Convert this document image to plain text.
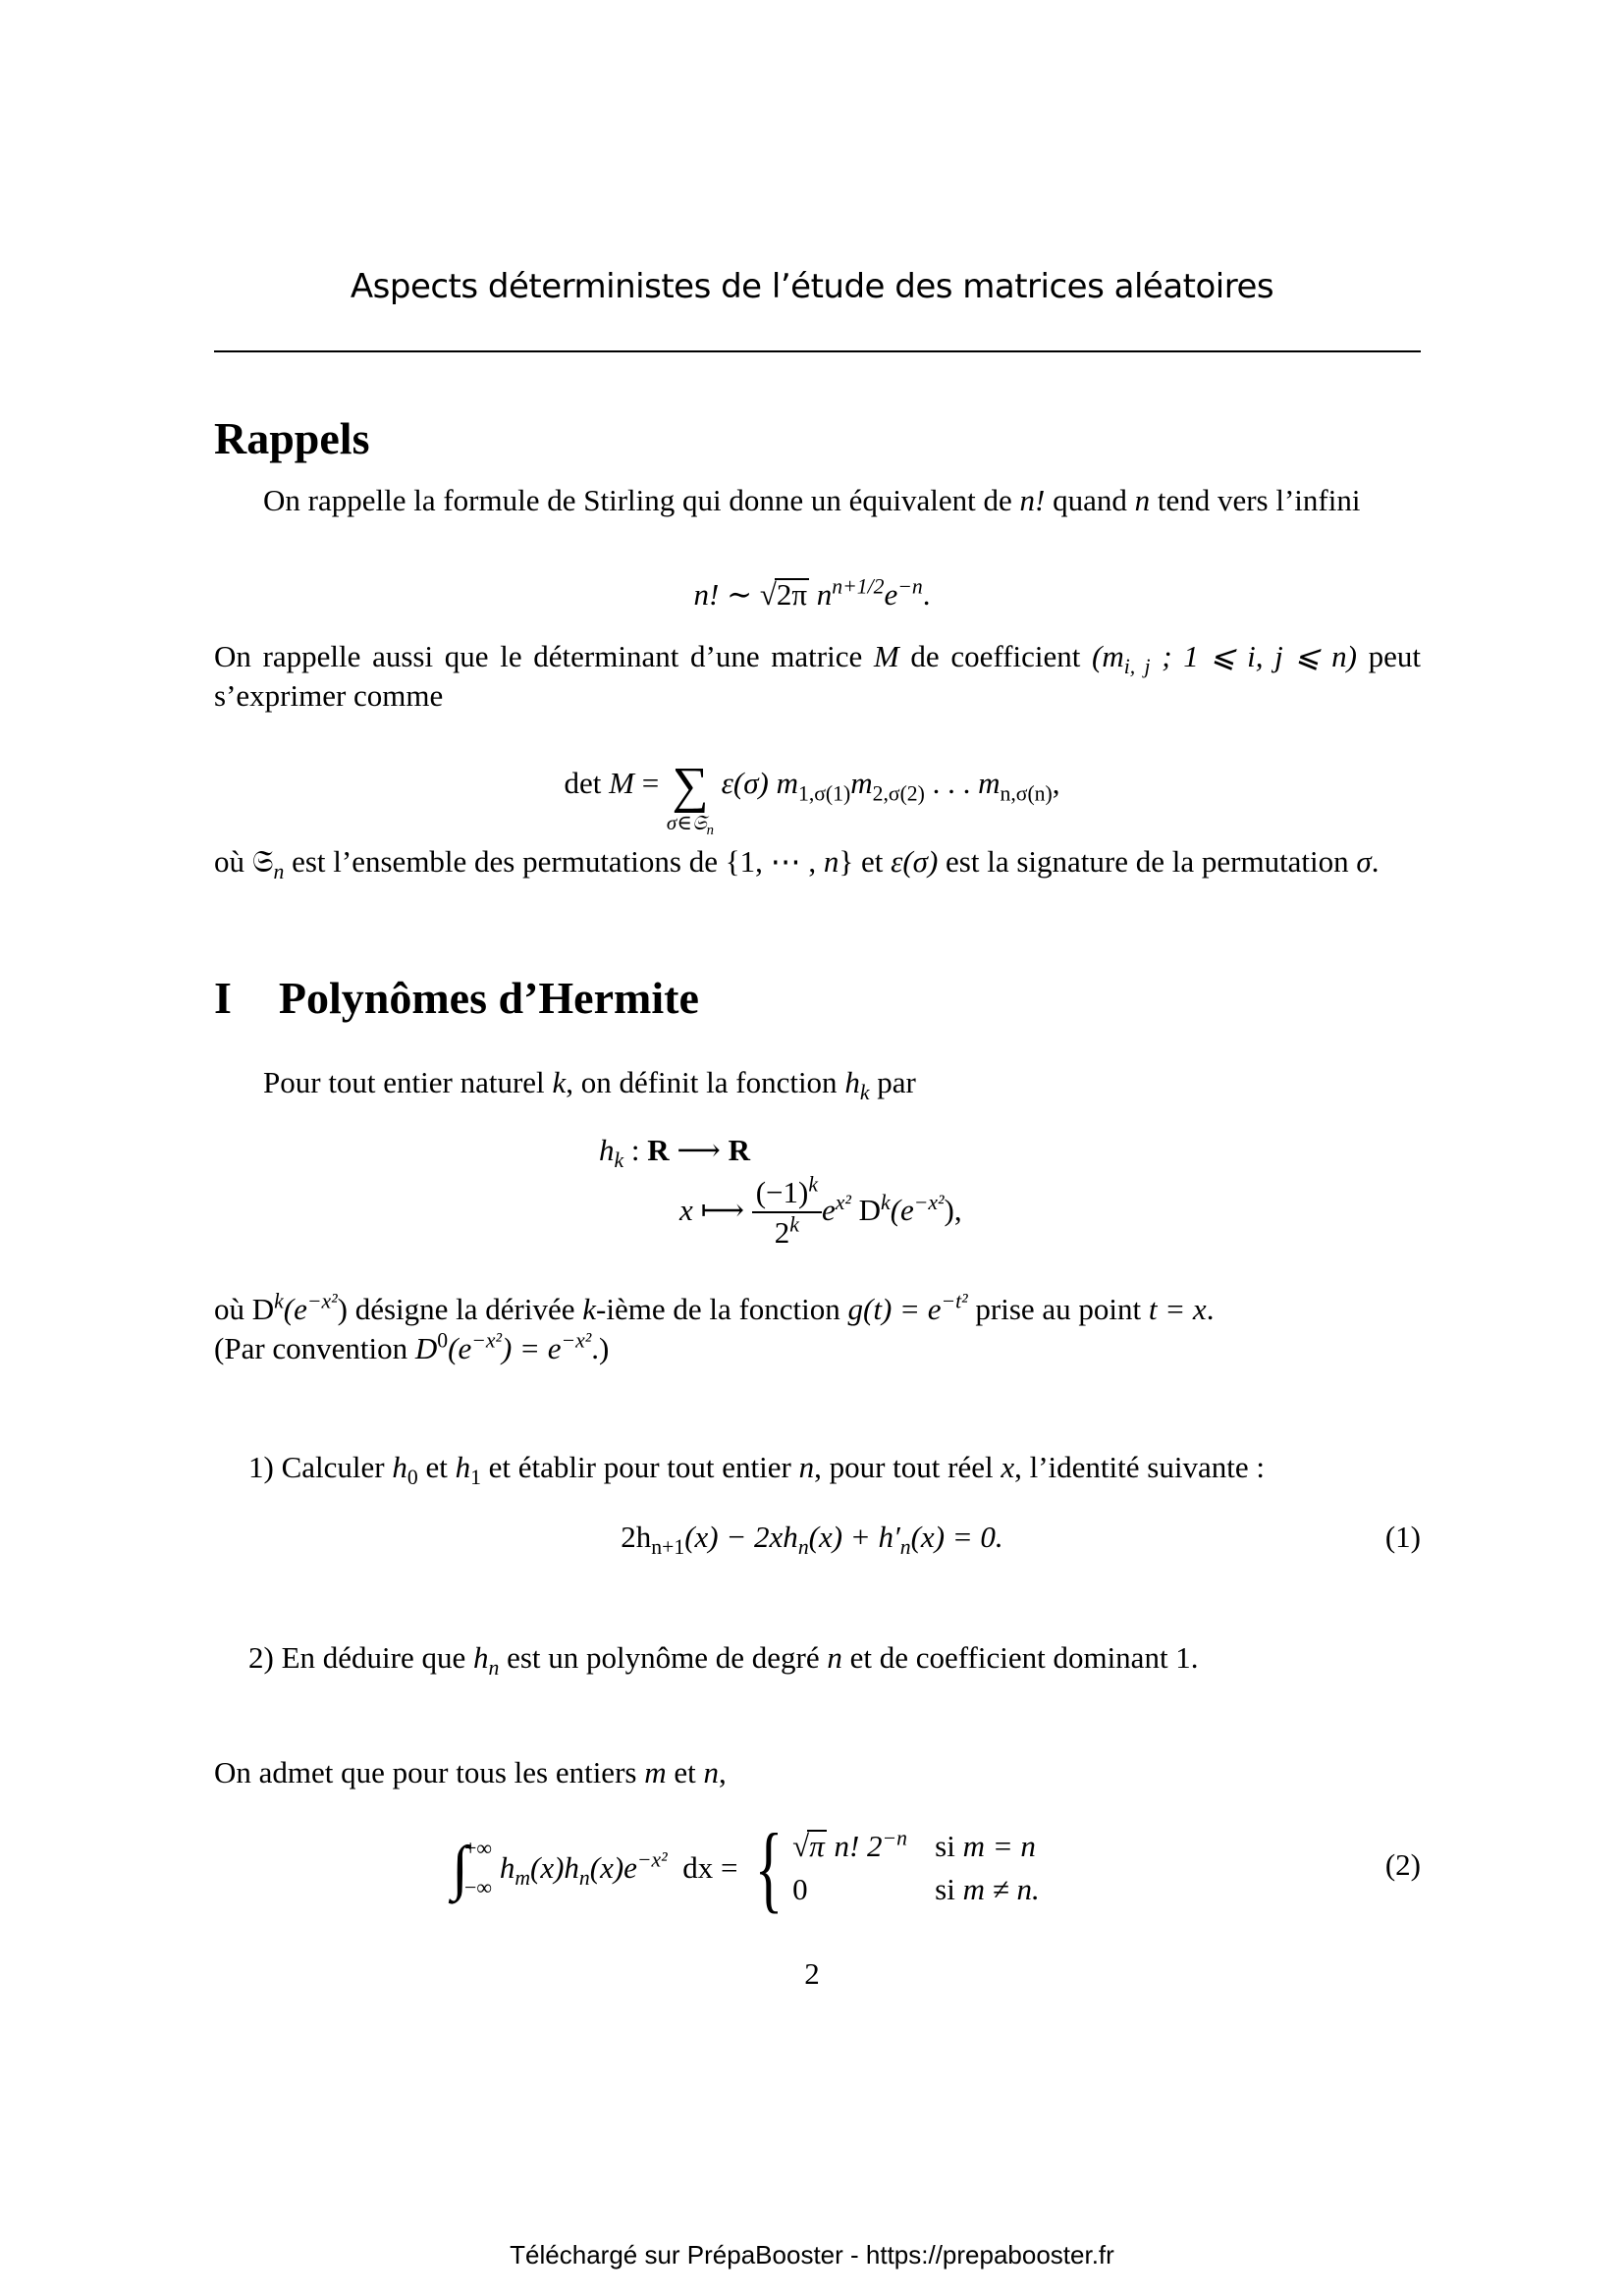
Aspects déterministes de l’étude des matrices aléatoires
Rappels
On rappelle la formule de Stirling qui donne un équivalent de n! quand n tend vers l’infini
n! ∼ √2π $n^{n+1/2}e^{-n}$.
On rappelle aussi que le déterminant d’une matrice M de coefficient ($m_{i, j}$ ; 1 ⩽ i, j ⩽ n) peut s’exprimer comme
det M = ∑
σ∈𝔖$_n$
ε(σ) $m_{1,\sigma(1)}m_{2,\sigma(2)}$ . . . $m_{n,\sigma(n)}$,
où 𝔖$_n$ est l’ensemble des permutations de {1, ⋯ , n} et ε(σ) est la signature de la permutation σ.
I Polynômes d’Hermite
Pour tout entier naturel k, on définit la fonction $h_k$ par
$h_k$ : R ⟶ R
x ⟼ $\frac{(-1)^k}{2^k} e^{x^2}$ $D^k(e^{-x^2})$,
où $D^k(e^{-x^2})$ désigne la dérivée k-ième de la fonction $g(t) = e^{-t^2}$ prise au point t = x.
(Par convention $D^0(e^{-x^2}) = e^{-x^2}$.)
1) Calculer $h_0$ et $h_1$ et établir pour tout entier n, pour tout réel x, l’identité suivante :
$2h_{n+1}(x) - 2xh_n(x) + h'_n(x) = 0$.	(1)
2) En déduire que $h_n$ est un polynôme de degré n et de coefficient dominant 1.
On admet que pour tous les entiers m et n,
∫
+∞
−∞
$h_m(x)h_n(x)e^{-x^2}$  dx = { √π n! $2^{-n}$ si m = n
0	si m ≠ n.
(2)
2
Téléchargé sur PrépaBooster - https://prepabooster.fr
